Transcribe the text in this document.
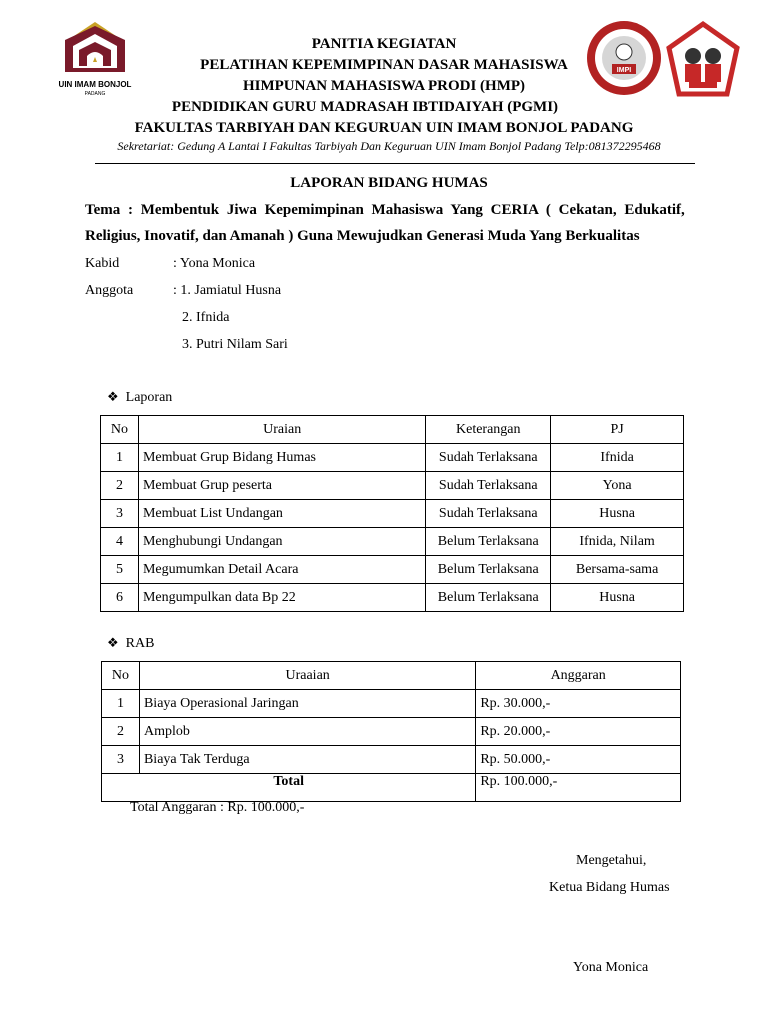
UIN IMAM BONJOL
PADANG
IMPI
PANITIA KEGIATAN
PELATIHAN KEPEMIMPINAN DASAR MAHASISWA
HIMPUNAN MAHASISWA PRODI (HMP)
PENDIDIKAN GURU MADRASAH IBTIDAIYAH (PGMI)
FAKULTAS TARBIYAH DAN KEGURUAN UIN IMAM BONJOL PADANG
Sekretariat: Gedung A Lantai I Fakultas Tarbiyah Dan Keguruan UIN Imam Bonjol Padang Telp:081372295468
LAPORAN BIDANG HUMAS
Tema : Membentuk Jiwa Kepemimpinan Mahasiswa Yang CERIA ( Cekatan, Edukatif,
Religius, Inovatif, dan Amanah ) Guna Mewujudkan Generasi Muda Yang Berkualitas
Kabid	: Yona Monica
Anggota	: 1. Jamiatul Husna
2. Ifnida
3. Putri Nilam Sari
❖ Laporan
No	Uraian	Keterangan	PJ
1	Membuat Grup Bidang Humas	Sudah Terlaksana	Ifnida
2	Membuat Grup peserta	Sudah Terlaksana	Yona
3	Membuat List Undangan	Sudah Terlaksana	Husna
4	Menghubungi Undangan	Belum Terlaksana	Ifnida, Nilam
5	Megumumkan Detail Acara	Belum Terlaksana	Bersama-sama
6	Mengumpulkan data Bp 22	Belum Terlaksana	Husna
❖ RAB
No	Uraaian	Anggaran
1	Biaya Operasional Jaringan	Rp. 30.000,-
2	Amplob	Rp. 20.000,-
3	Biaya Tak Terduga	Rp. 50.000,-
Total		Rp. 100.000,-
Total Anggaran : Rp. 100.000,-
Mengetahui,
Ketua Bidang Humas
Yona Monica
